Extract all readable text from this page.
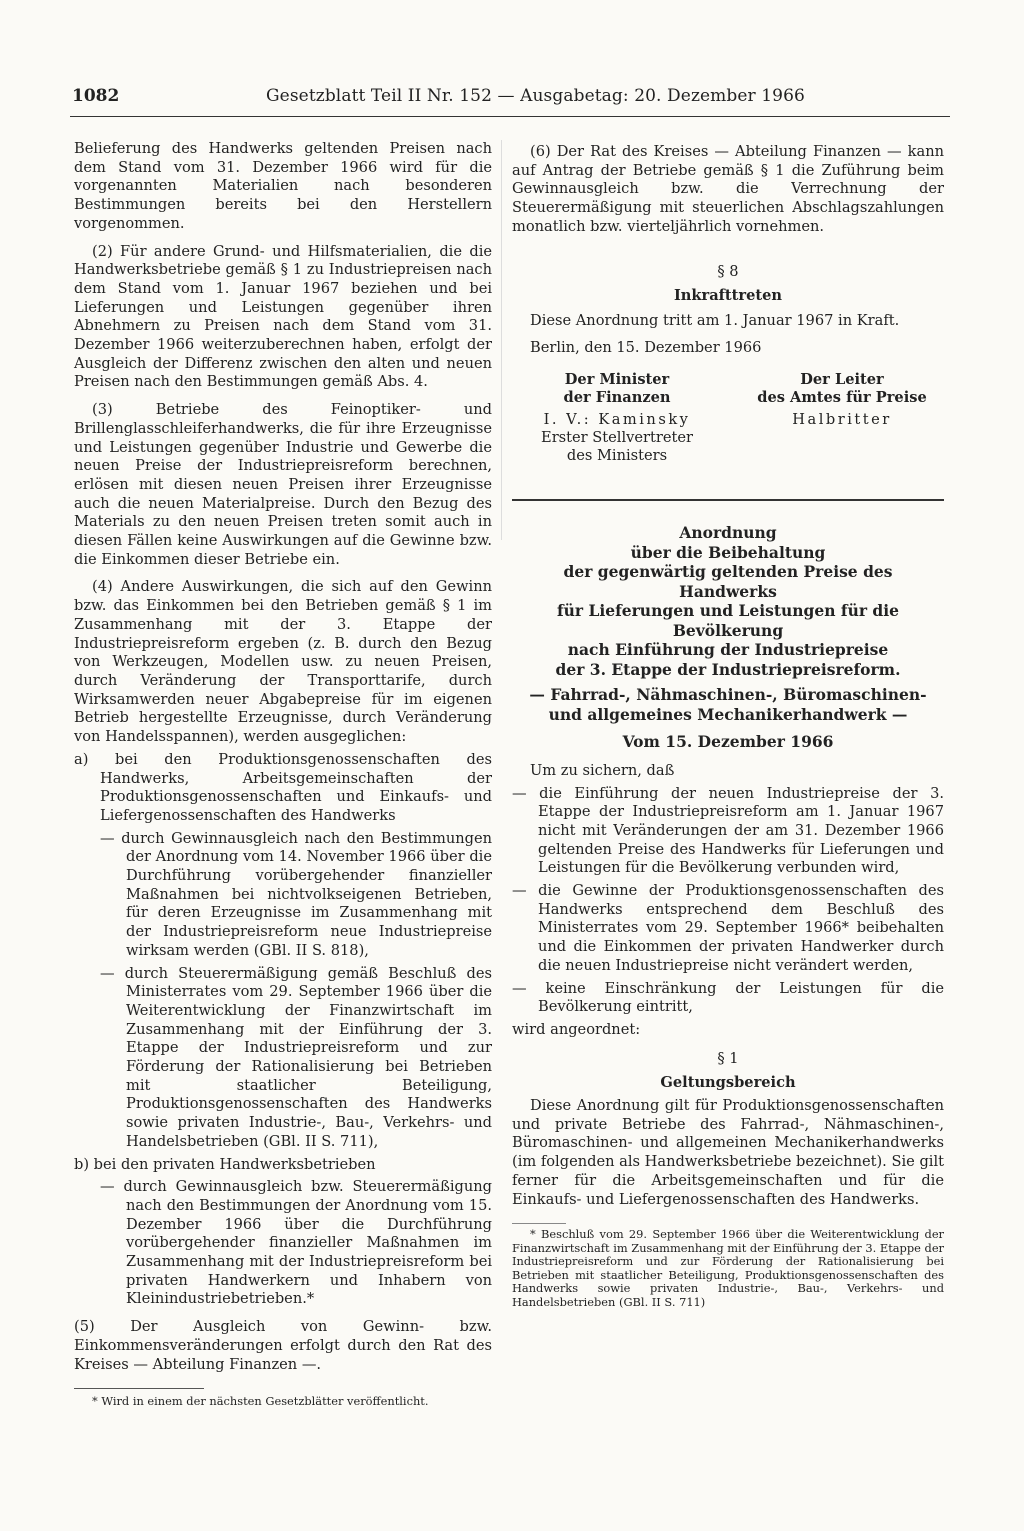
1082	Gesetzblatt Teil II Nr. 152 — Ausgabetag: 20. Dezember 1966

Belieferung des Handwerks geltenden Preisen nach dem Stand vom 31. Dezember 1966 wird für die vorgenannten Materialien nach besonderen Bestimmungen bereits bei den Herstellern vorgenommen.

(2) Für andere Grund- und Hilfsmaterialien, die die Handwerksbetriebe gemäß § 1 zu Industriepreisen nach dem Stand vom 1. Januar 1967 beziehen und bei Lieferungen und Leistungen gegenüber ihren Abnehmern zu Preisen nach dem Stand vom 31. Dezember 1966 weiterzuberechnen haben, erfolgt der Ausgleich der Differenz zwischen den alten und neuen Preisen nach den Bestimmungen gemäß Abs. 4.

(3) Betriebe des Feinoptiker- und Brillenglasschleiferhandwerks, die für ihre Erzeugnisse und Leistungen gegenüber Industrie und Gewerbe die neuen Preise der Industriepreisreform berechnen, erlösen mit diesen neuen Preisen ihrer Erzeugnisse auch die neuen Materialpreise. Durch den Bezug des Materials zu den neuen Preisen treten somit auch in diesen Fällen keine Auswirkungen auf die Gewinne bzw. die Einkommen dieser Betriebe ein.

(4) Andere Auswirkungen, die sich auf den Gewinn bzw. das Einkommen bei den Betrieben gemäß § 1 im Zusammenhang mit der 3. Etappe der Industriepreisreform ergeben (z. B. durch den Bezug von Werkzeugen, Modellen usw. zu neuen Preisen, durch Veränderung der Transporttarife, durch Wirksamwerden neuer Abgabepreise für im eigenen Betrieb hergestellte Erzeugnisse, durch Veränderung von Handelsspannen), werden ausgeglichen:

a) bei den Produktionsgenossenschaften des Handwerks, Arbeitsgemeinschaften der Produktionsgenossenschaften und Einkaufs- und Liefergenossenschaften des Handwerks

— durch Gewinnausgleich nach den Bestimmungen der Anordnung vom 14. November 1966 über die Durchführung vorübergehender finanzieller Maßnahmen bei nichtvolkseigenen Betrieben, für deren Erzeugnisse im Zusammenhang mit der Industriepreisreform neue Industriepreise wirksam werden (GBl. II S. 818),

— durch Steuerermäßigung gemäß Beschluß des Ministerrates vom 29. September 1966 über die Weiterentwicklung der Finanzwirtschaft im Zusammenhang mit der Einführung der 3. Etappe der Industriepreisreform und zur Förderung der Rationalisierung bei Betrieben mit staatlicher Beteiligung, Produktionsgenossenschaften des Handwerks sowie privaten Industrie-, Bau-, Verkehrs- und Handelsbetrieben (GBl. II S. 711),

b) bei den privaten Handwerksbetrieben

— durch Gewinnausgleich bzw. Steuerermäßigung nach den Bestimmungen der Anordnung vom 15. Dezember 1966 über die Durchführung vorübergehender finanzieller Maßnahmen im Zusammenhang mit der Industriepreisreform bei privaten Handwerkern und Inhabern von Kleinindustriebetrieben.*

(5) Der Ausgleich von Gewinn- bzw. Einkommensveränderungen erfolgt durch den Rat des Kreises — Abteilung Finanzen —.

* Wird in einem der nächsten Gesetzblätter veröffentlicht.

(6) Der Rat des Kreises — Abteilung Finanzen — kann auf Antrag der Betriebe gemäß § 1 die Zuführung beim Gewinnausgleich bzw. die Verrechnung der Steuerermäßigung mit steuerlichen Abschlagszahlungen monatlich bzw. vierteljährlich vornehmen.

§ 8

Inkrafttreten

Diese Anordnung tritt am 1. Januar 1967 in Kraft.

Berlin, den 15. Dezember 1966

Der Minister
der Finanzen
I. V.: Kaminsky
Erster Stellvertreter
des Ministers
Der Leiter
des Amtes für Preise
Halbritter

Anordnung

über die Beibehaltung

der gegenwärtig geltenden Preise des Handwerks

für Lieferungen und Leistungen für die Bevölkerung

nach Einführung der Industriepreise

der 3. Etappe der Industriepreisreform.

— Fahrrad-, Nähmaschinen-, Büromaschinen-

und allgemeines Mechanikerhandwerk —

Vom 15. Dezember 1966

Um zu sichern, daß

— die Einführung der neuen Industriepreise der 3. Etappe der Industriepreisreform am 1. Januar 1967 nicht mit Veränderungen der am 31. Dezember 1966 geltenden Preise des Handwerks für Lieferungen und Leistungen für die Bevölkerung verbunden wird,

— die Gewinne der Produktionsgenossenschaften des Handwerks entsprechend dem Beschluß des Ministerrates vom 29. September 1966* beibehalten und die Einkommen der privaten Handwerker durch die neuen Industriepreise nicht verändert werden,

— keine Einschränkung der Leistungen für die Bevölkerung eintritt,

wird angeordnet:

§ 1

Geltungsbereich

Diese Anordnung gilt für Produktionsgenossenschaften und private Betriebe des Fahrrad-, Nähmaschinen-, Büromaschinen- und allgemeinen Mechanikerhandwerks (im folgenden als Handwerksbetriebe bezeichnet). Sie gilt ferner für die Arbeitsgemeinschaften und für die Einkaufs- und Liefergenossenschaften des Handwerks.

* Beschluß vom 29. September 1966 über die Weiterentwicklung der Finanzwirtschaft im Zusammenhang mit der Einführung der 3. Etappe der Industriepreisreform und zur Förderung der Rationalisierung bei Betrieben mit staatlicher Beteiligung, Produktionsgenossenschaften des Handwerks sowie privaten Industrie-, Bau-, Verkehrs- und Handelsbetrieben (GBl. II S. 711)
